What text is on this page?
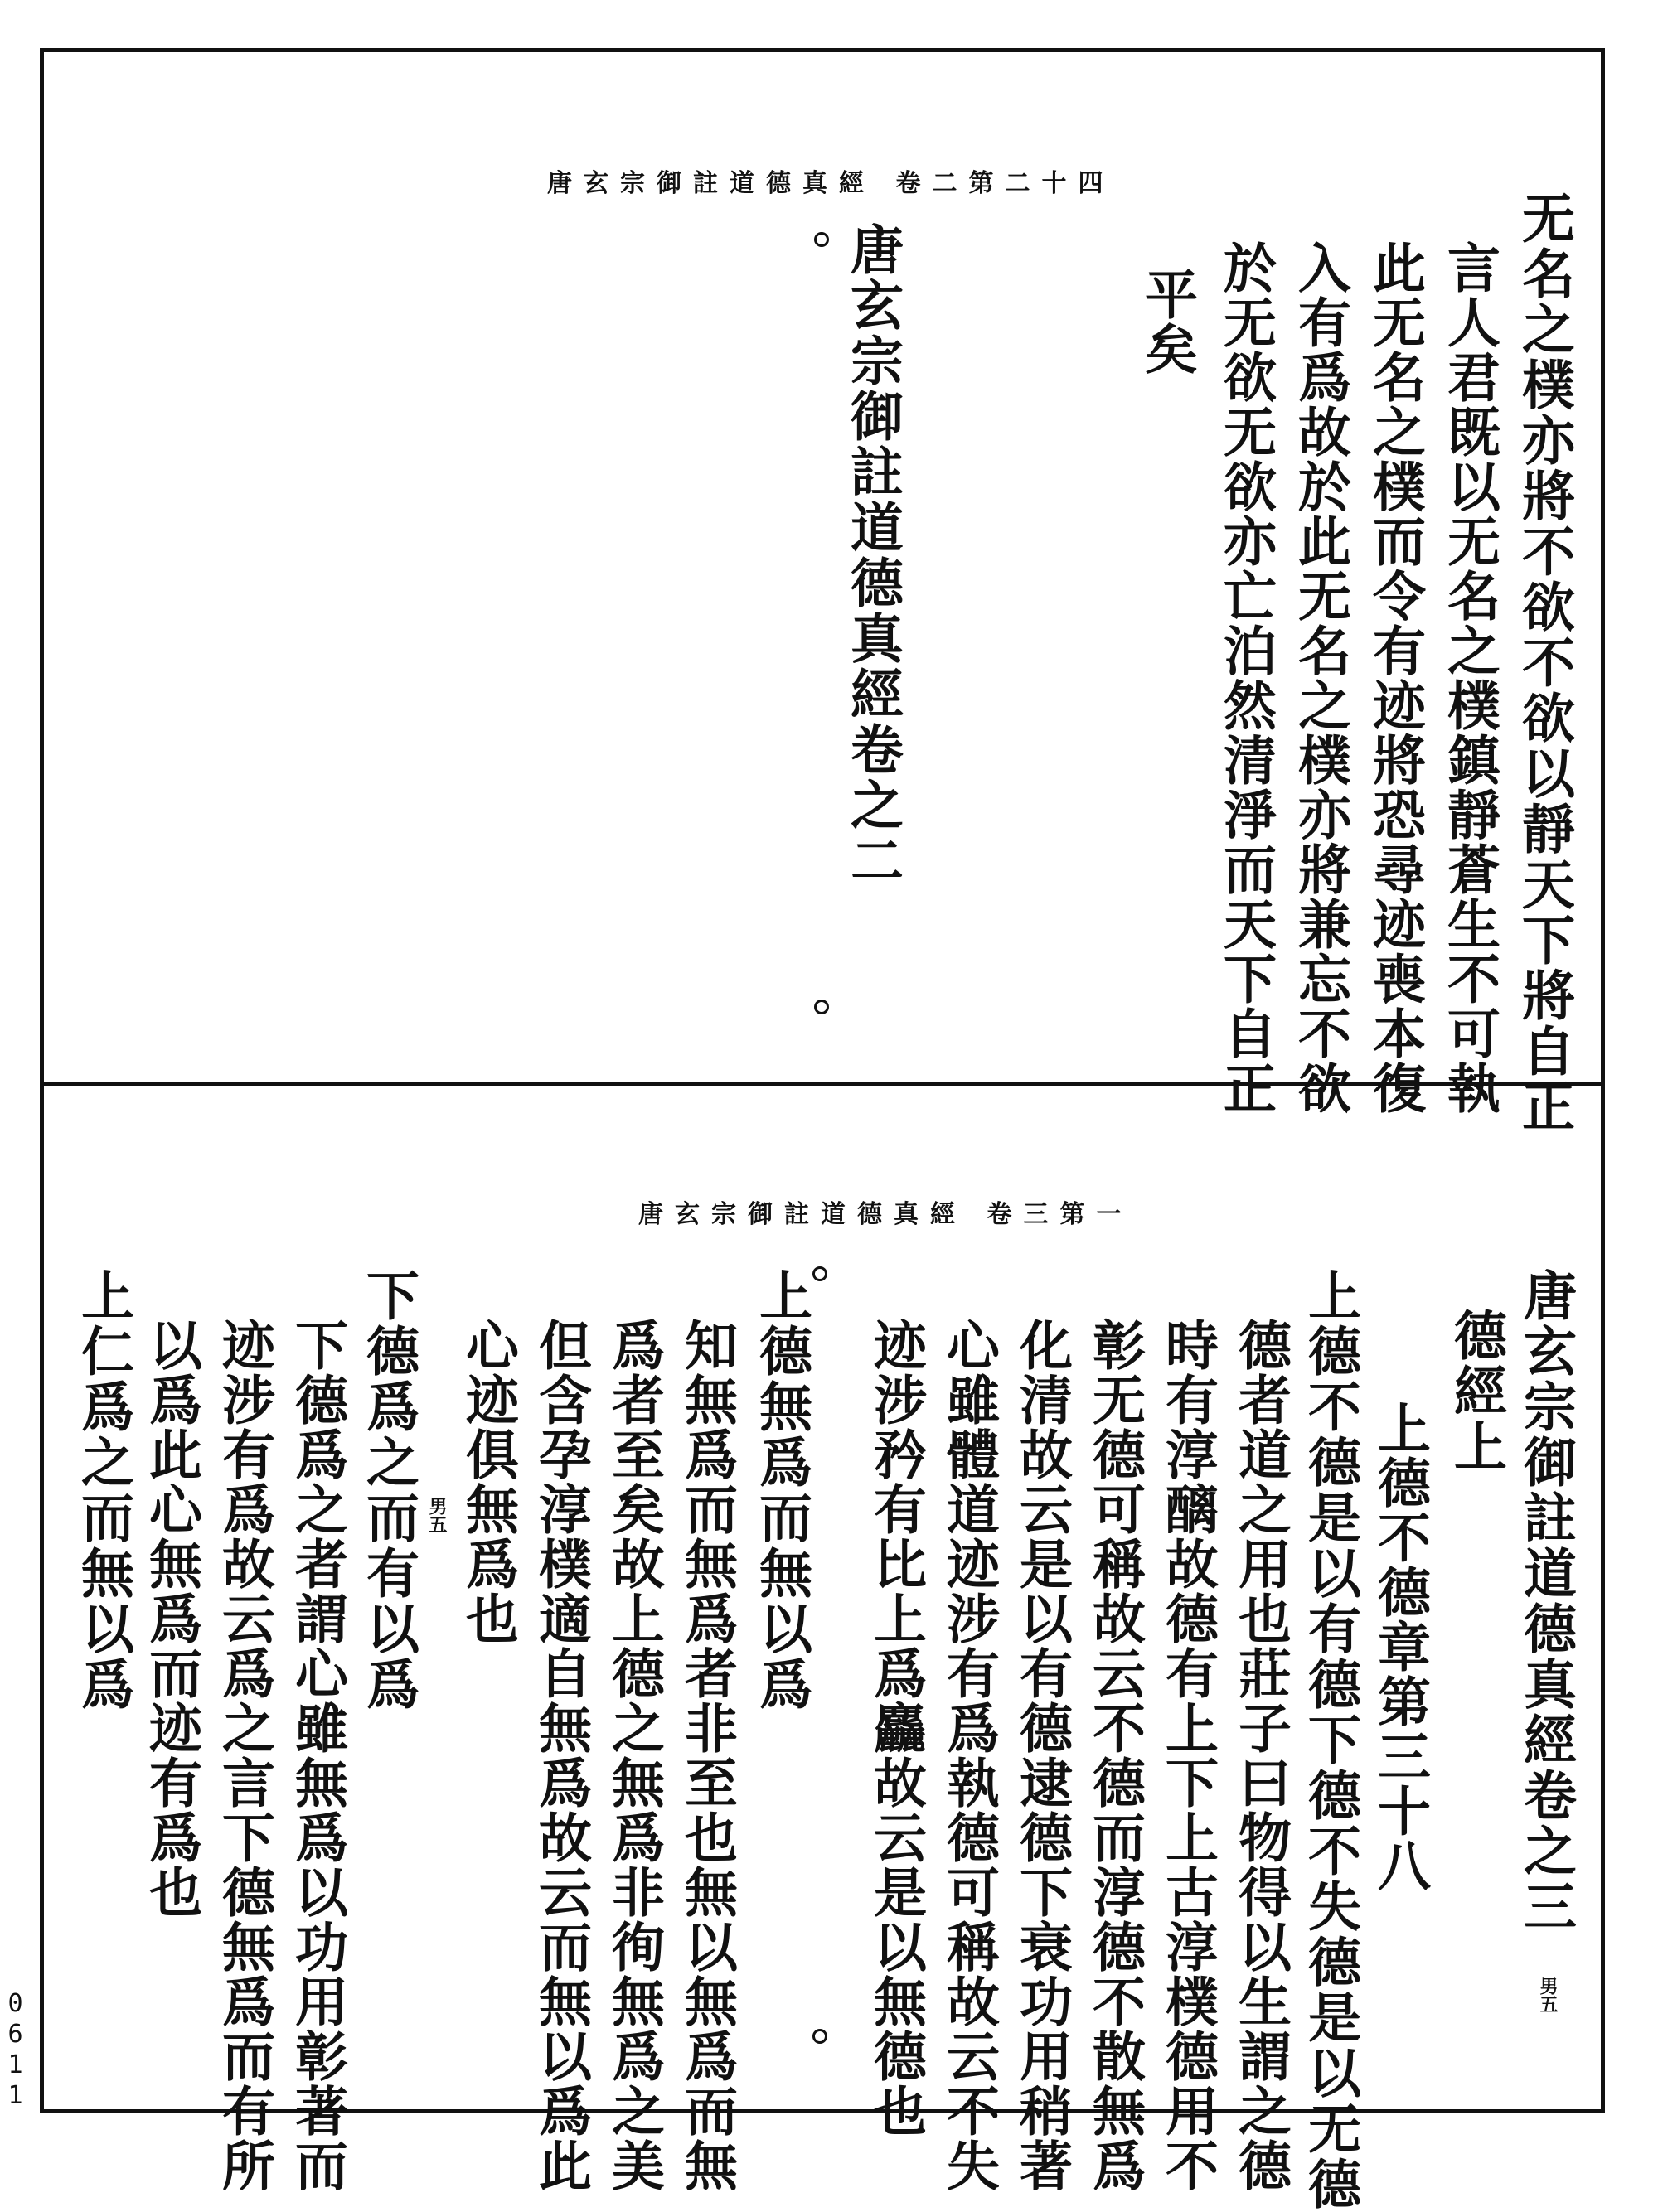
唐玄宗御註道德真經 卷二第二十四
无名之樸亦將不欲不欲以靜天下將自正
言人君既以无名之樸鎮靜蒼生不可執
此无名之樸而令有迹將恐尋迹喪本復
入有爲故於此无名之樸亦將兼忘不欲
於无欲无欲亦亡泊然清淨而天下自正
平矣
唐玄宗御註道德真經卷之二
唐玄宗御註道德真經 卷三第一
唐玄宗御註道德真經卷之三
德經上
男五
上德不德章第三十八
上德不德是以有德下德不失德是以无德
德者道之用也莊子曰物得以生謂之德
時有淳醨故德有上下上古淳樸德用不
彰无德可稱故云不德而淳德不散無爲
化清故云是以有德逮德下衰功用稍著
心雖體道迹涉有爲執德可稱故云不失
迹涉矜有比上爲麤故云是以無德也
上德無爲而無以爲
知無爲而無爲者非至也無以無爲而無
爲者至矣故上德之無爲非徇無爲之美
但含孕淳樸適自無爲故云而無以爲此
心迹俱無爲也
男五
下德爲之而有以爲
下德爲之者謂心雖無爲以功用彰著而
迹涉有爲故云爲之言下德無爲而有所
以爲此心無爲而迹有爲也
上仁爲之而無以爲
0611
